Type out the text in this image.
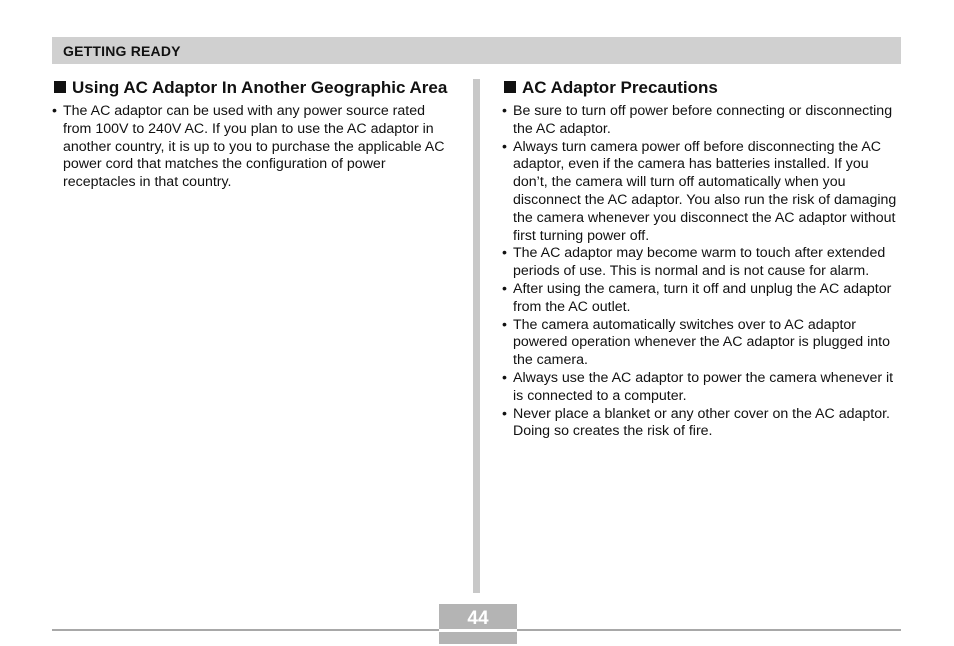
GETTING READY
Using AC Adaptor In Another Geographic Area
• The AC adaptor can be used with any power source rated from 100V to 240V AC. If you plan to use the AC adaptor in another country, it is up to you to purchase the applicable AC power cord that matches the configuration of power receptacles in that country.
AC Adaptor Precautions
• Be sure to turn off power before connecting or disconnecting the AC adaptor.
• Always turn camera power off before disconnecting the AC adaptor, even if the camera has batteries installed. If you don’t, the camera will turn off automatically when you disconnect the AC adaptor. You also run the risk of damaging the camera whenever you disconnect the AC adaptor without first turning power off.
• The AC adaptor may become warm to touch after extended periods of use. This is normal and is not cause for alarm.
• After using the camera, turn it off and unplug the AC adaptor from the AC outlet.
• The camera automatically switches over to AC adaptor powered operation whenever the AC adaptor is plugged into the camera.
• Always use the AC adaptor to power the camera whenever it is connected to a computer.
• Never place a blanket or any other cover on the AC adaptor. Doing so creates the risk of fire.
44
